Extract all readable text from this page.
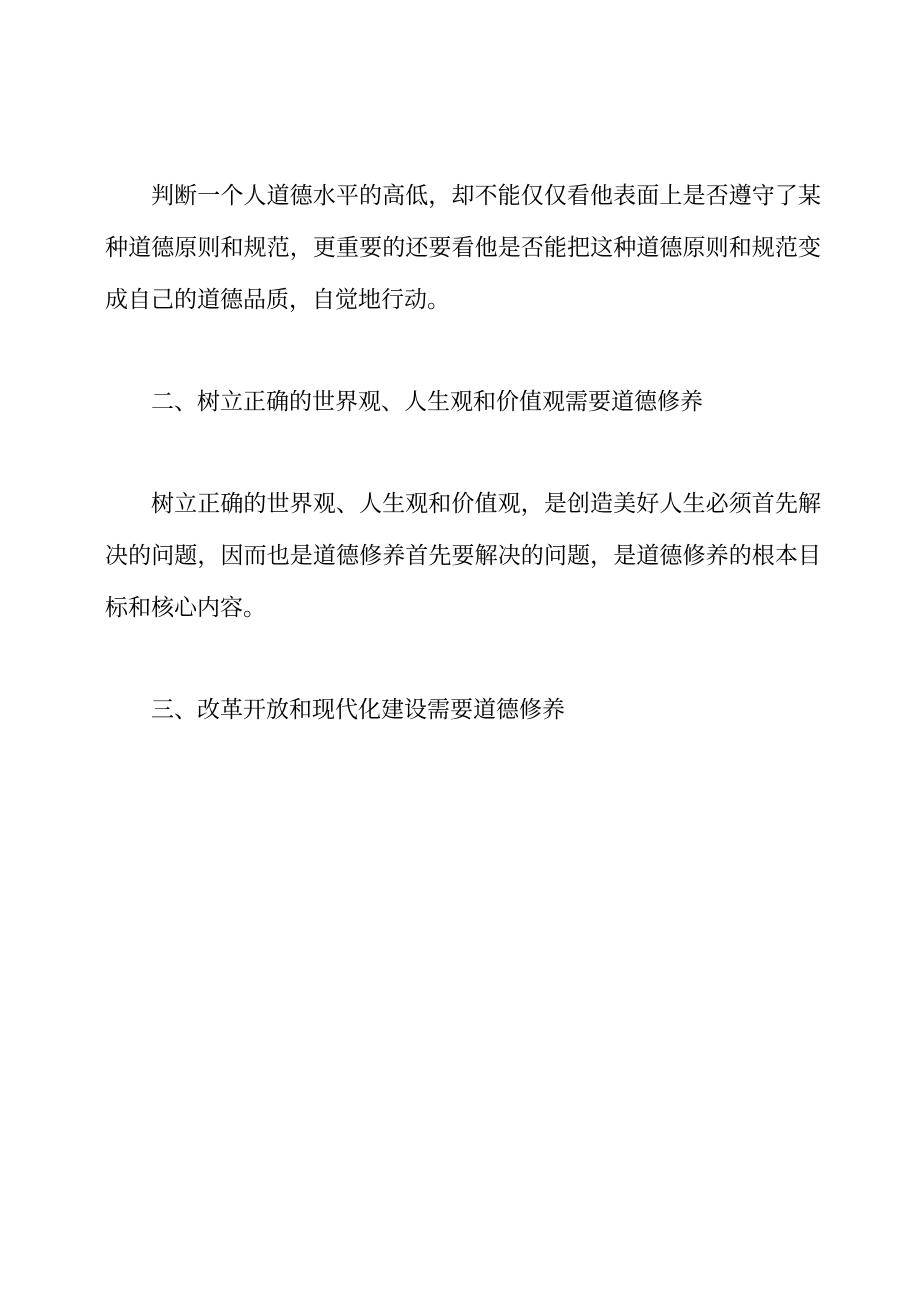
判断一个人道德水平的高低，却不能仅仅看他表面上是否遵守了某种道德原则和规范，更重要的还要看他是否能把这种道德原则和规范变成自己的道德品质，自觉地行动。

二、树立正确的世界观、人生观和价值观需要道德修养

树立正确的世界观、人生观和价值观，是创造美好人生必须首先解决的问题，因而也是道德修养首先要解决的问题，是道德修养的根本目标和核心内容。

三、改革开放和现代化建设需要道德修养
